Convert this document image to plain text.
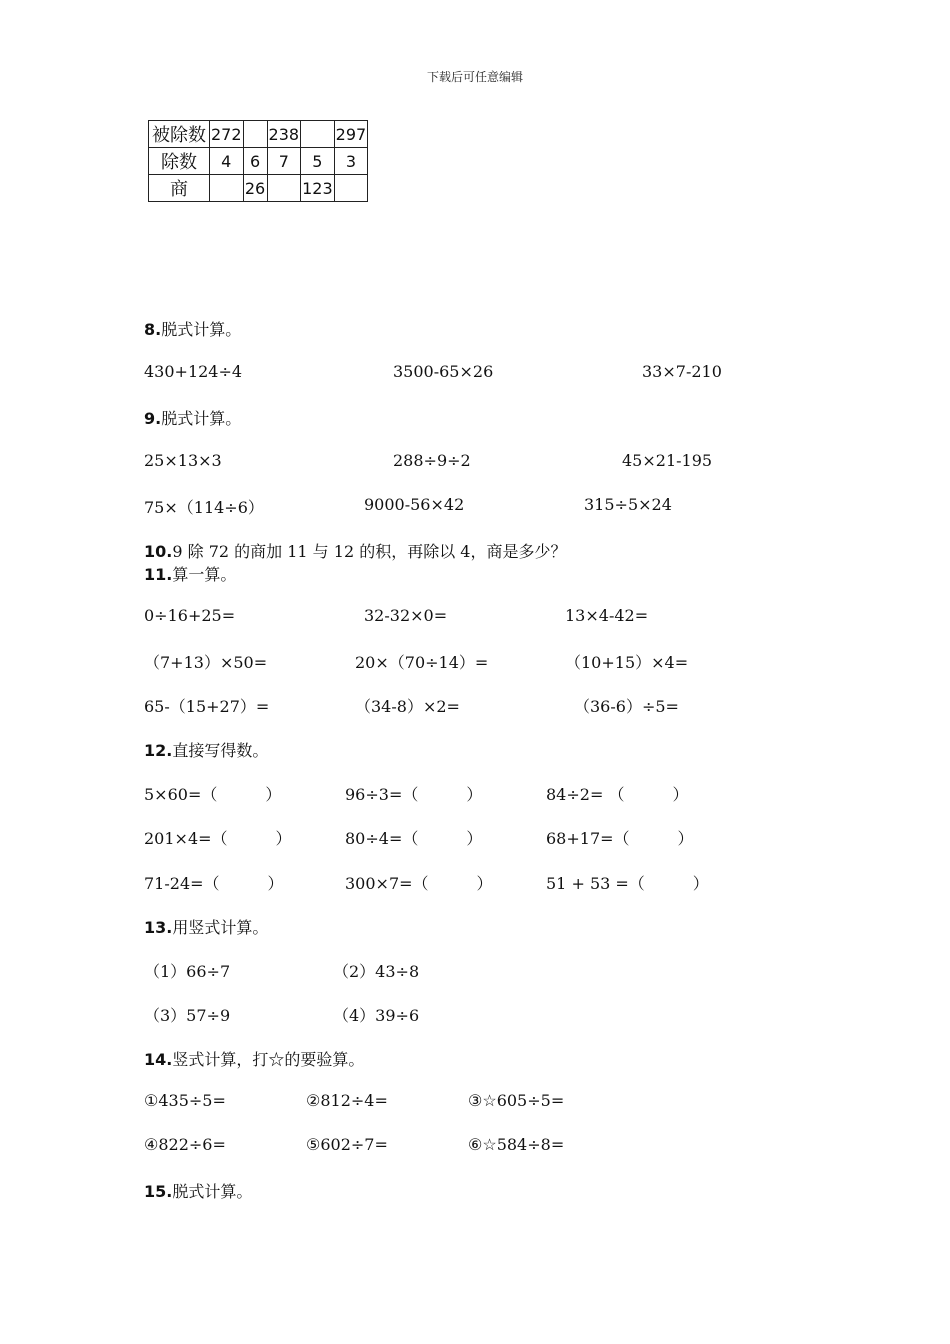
下载后可任意编辑
被除数	272		238		297
除数	4	6	7	5	3
商		26		123	
8.脱式计算。
430+124÷4	3500-65×26	33×7-210
9.脱式计算。
25×13×3	288÷9÷2	45×21-195
75×（114÷6）	9000-56×42	315÷5×24
10.9 除 72 的商加 11 与 12 的积，再除以 4，商是多少？
11.算一算。
0÷16+25=	32-32×0=	13×4-42=
（7+13）×50=	20×（70÷14）=	（10+15）×4=
65-（15+27）=	（34-8）×2=	（36-6）÷5=
12.直接写得数。
5×60=（　　　）	96÷3=（　　　）	84÷2= （　　　）
201×4=（　　　）	80÷4=（　　　）	68+17=（　　　）
71-24=（　　　）	300×7=（　　　）	51 + 53 =（　　　）
13.用竖式计算。
（1）66÷7	（2）43÷8
（3）57÷9	（4）39÷6
14.竖式计算，打☆的要验算。
①435÷5=	②812÷4=	③☆605÷5=
④822÷6=	⑤602÷7=	⑥☆584÷8=
15.脱式计算。
